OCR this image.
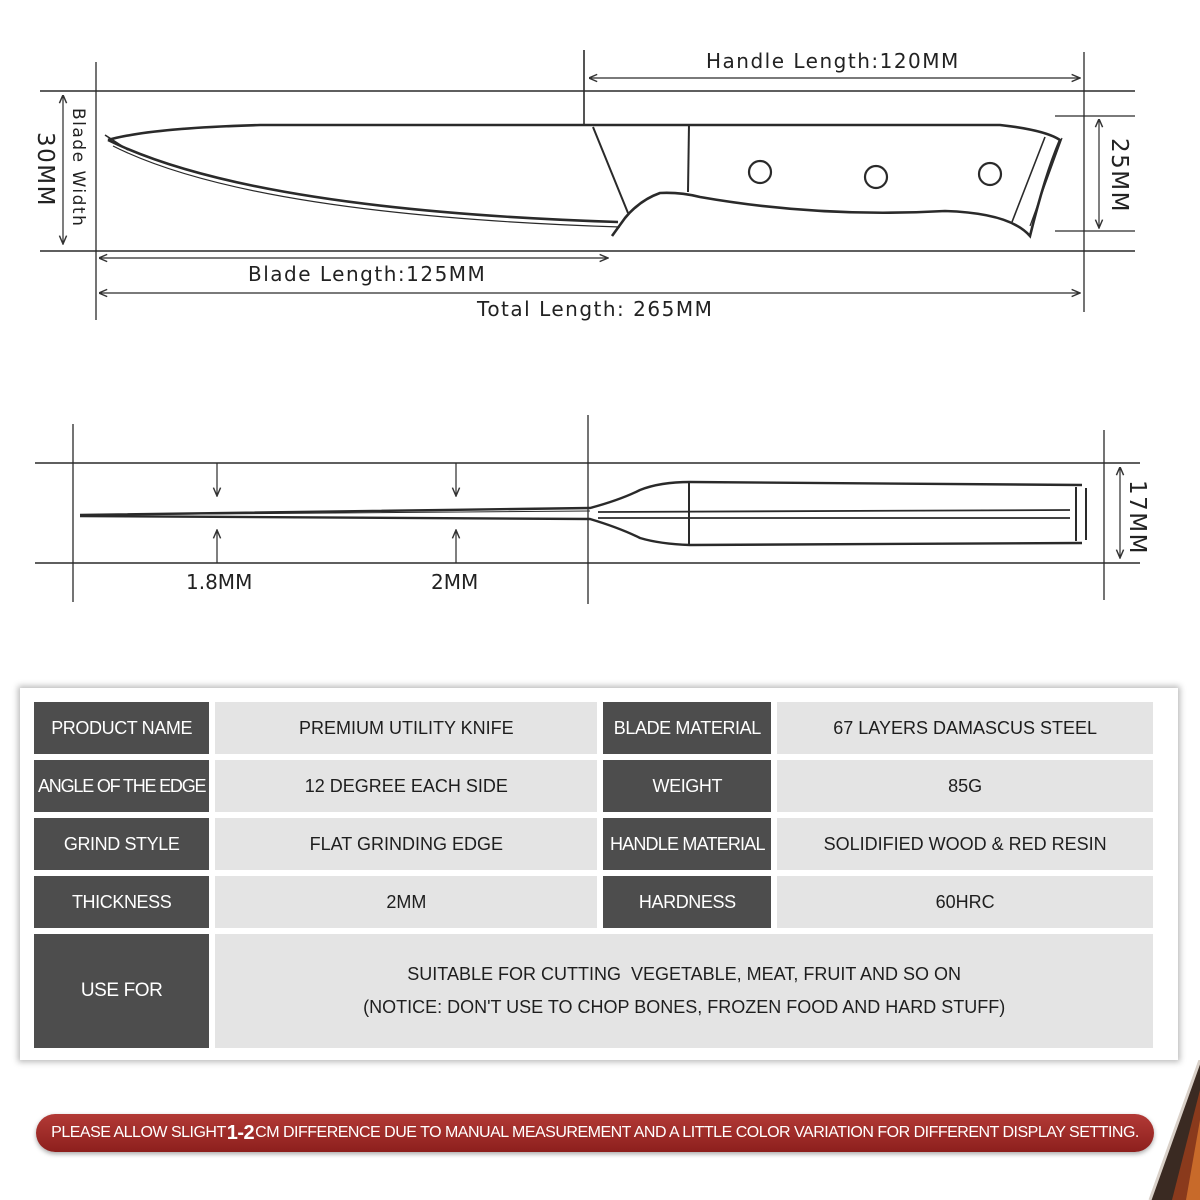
Handle Length:120MM
Blade Width
30MM	25MM
Blade Length:125MM
Total Length: 265MM
1.8MM	2MM
17MM
PRODUCT NAME	PREMIUM UTILITY KNIFE	BLADE MATERIAL	67 LAYERS DAMASCUS STEEL
ANGLE OF THE EDGE	12 DEGREE EACH SIDE	WEIGHT	85G
GRIND STYLE	FLAT GRINDING EDGE	HANDLE MATERIAL	SOLIDIFIED WOOD & RED RESIN
THICKNESS	2MM	HARDNESS	60HRC
USE FOR	SUITABLE FOR CUTTING  VEGETABLE, MEAT, FRUIT AND SO ON
(NOTICE: DON'T USE TO CHOP BONES, FROZEN FOOD AND HARD STUFF)		
PLEASE ALLOW SLIGHT 1-2 CM DIFFERENCE DUE TO MANUAL MEASUREMENT AND A LITTLE COLOR VARIATION FOR DIFFERENT DISPLAY SETTING.
